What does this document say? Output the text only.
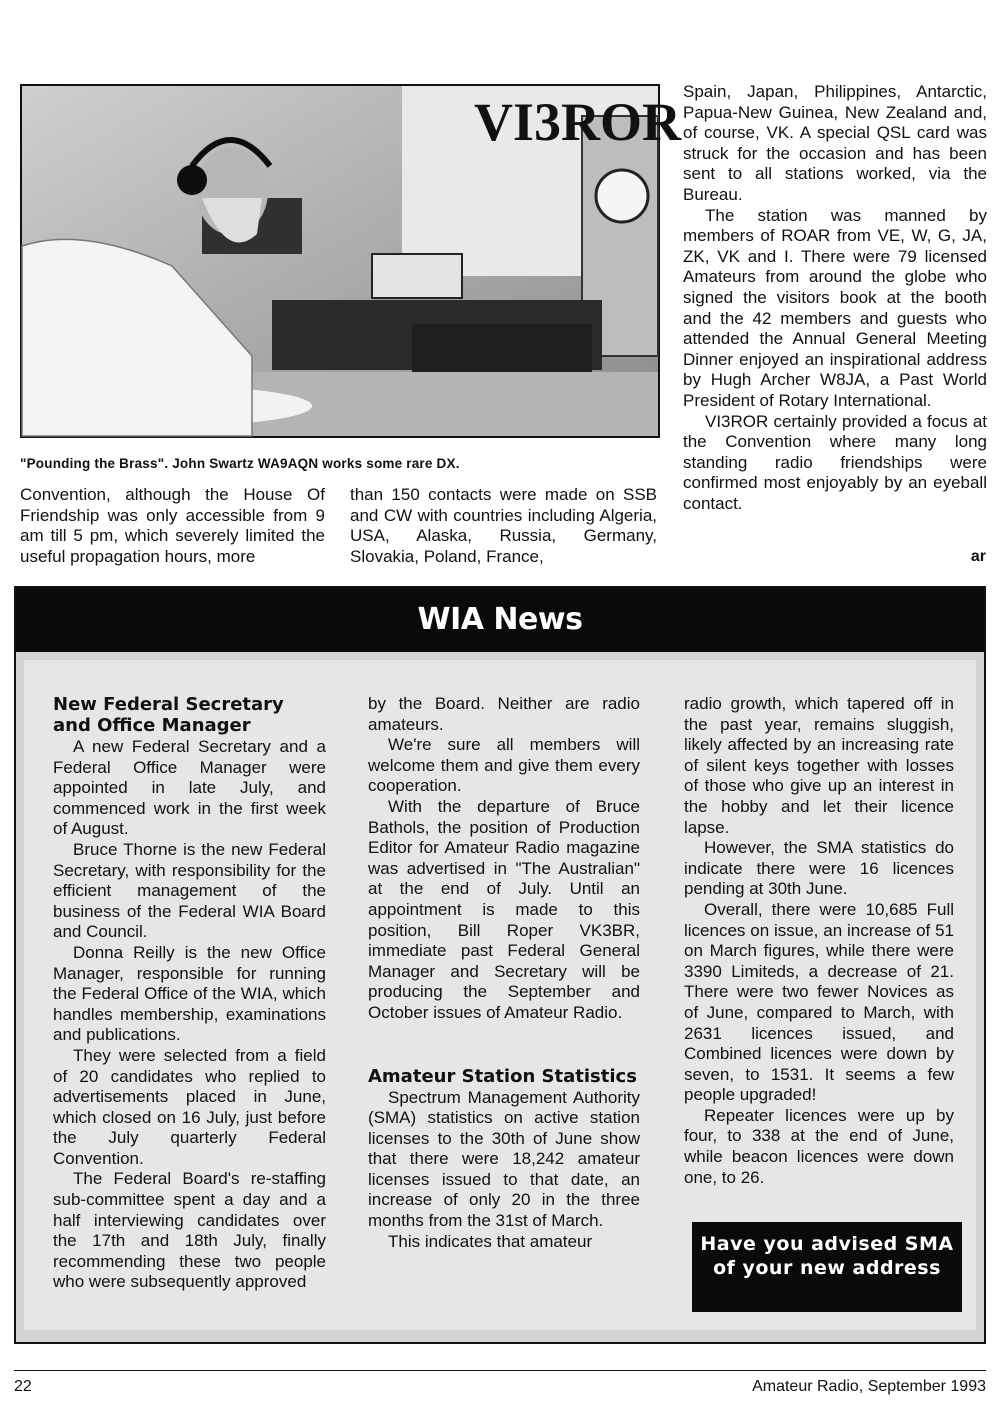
VI3ROR
"Pounding the Brass". John Swartz WA9AQN works some rare DX.

Convention, although the House Of Friendship was only accessible from 9 am till 5 pm, which severely limited the useful propagation hours, more

than 150 contacts were made on SSB and CW with countries including Algeria, USA, Alaska, Russia, Germany, Slovakia, Poland, France,

Spain, Japan, Philippines, Antarctic, Papua-New Guinea, New Zealand and, of course, VK. A special QSL card was struck for the occasion and has been sent to all stations worked, via the Bureau.

The station was manned by members of ROAR from VE, W, G, JA, ZK, VK and I. There were 79 licensed Amateurs from around the globe who signed the visitors book at the booth and the 42 members and guests who attended the Annual General Meeting Dinner enjoyed an inspirational address by Hugh Archer W8JA, a Past World President of Rotary International.

VI3ROR certainly provided a focus at the Convention where many long standing radio friendships were confirmed most enjoyably by an eyeball contact.

ar
WIA News
New Federal Secretary and Office Manager

A new Federal Secretary and a Federal Office Manager were appointed in late July, and commenced work in the first week of August.

Bruce Thorne is the new Federal Secretary, with responsibility for the efficient management of the business of the Federal WIA Board and Council.

Donna Reilly is the new Office Manager, responsible for running the Federal Office of the WIA, which handles membership, examinations and publications.

They were selected from a field of 20 candidates who replied to advertisements placed in June, which closed on 16 July, just before the July quarterly Federal Convention.

The Federal Board's re-staffing sub-committee spent a day and a half interviewing candidates over the 17th and 18th July, finally recommending these two people who were subsequently approved

by the Board. Neither are radio amateurs.

We're sure all members will welcome them and give them every cooperation.

With the departure of Bruce Bathols, the position of Production Editor for Amateur Radio magazine was advertised in "The Australian" at the end of July. Until an appointment is made to this position, Bill Roper VK3BR, immediate past Federal General Manager and Secretary will be producing the September and October issues of Amateur Radio.

Amateur Station Statistics

Spectrum Management Authority (SMA) statistics on active station licenses to the 30th of June show that there were 18,242 amateur licenses issued to that date, an increase of only 20 in the three months from the 31st of March.

This indicates that amateur

radio growth, which tapered off in the past year, remains sluggish, likely affected by an increasing rate of silent keys together with losses of those who give up an interest in the hobby and let their licence lapse.

However, the SMA statistics do indicate there were 16 licences pending at 30th June.

Overall, there were 10,685 Full licences on issue, an increase of 51 on March figures, while there were 3390 Limiteds, a decrease of 21. There were two fewer Novices as of June, compared to March, with 2631 licences issued, and Combined licences were down by seven, to 1531. It seems a few people upgraded!

Repeater licences were up by four, to 338 at the end of June, while beacon licences were down one, to 26.

Have you advised SMA of your new address
22	Amateur Radio, September 1993
